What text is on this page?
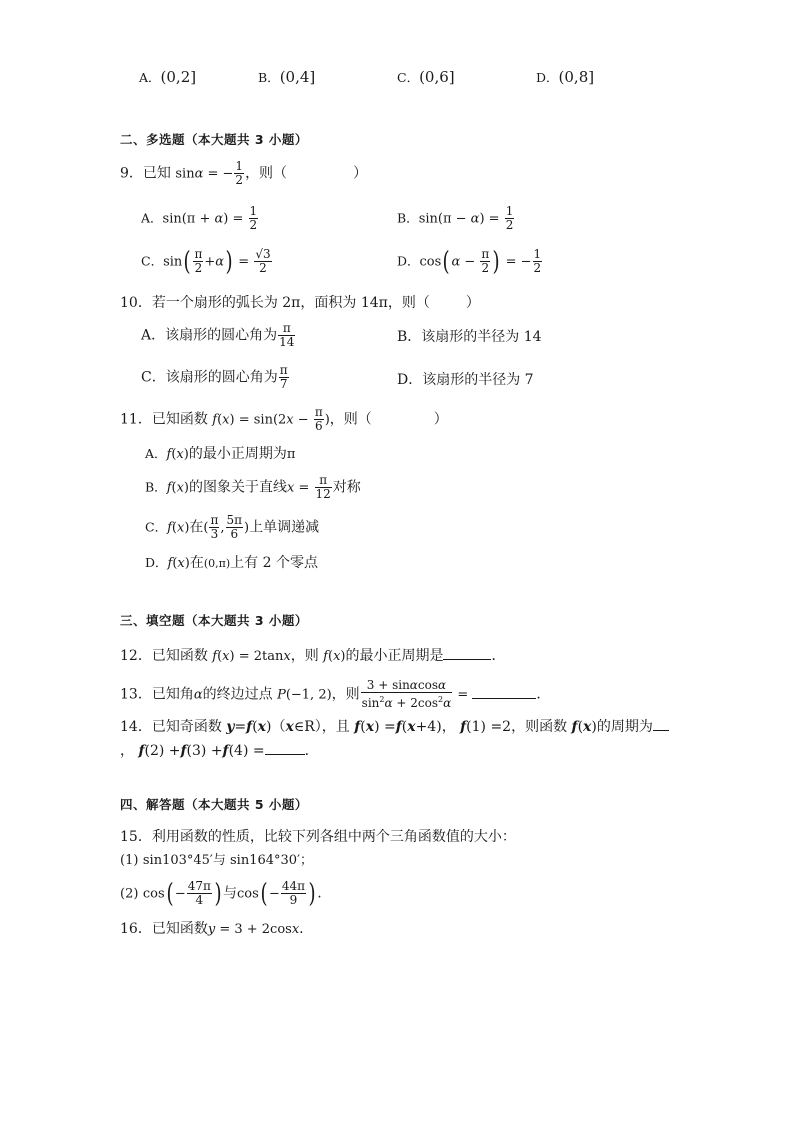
A．(0,2]	B．(0,4]	C．(0,6]	D．(0,8]
二、多选题（本大题共 3 小题）
9．已知 sinα = − $\frac{1}{2}$ ，则（	）
A．$\sin(\pi + \alpha) = \frac{1}{2}$	B．$\sin(\pi - \alpha) = \frac{1}{2}$
C．$\sin( \frac{\pi}{2} +\alpha) = \frac{√3}{2}$	D．cos( $\alpha - \frac{\pi}{2}$ ) = − $\frac{1}{2}$
10．若一个扇形的弧长为 2π，面积为 14π，则（	）
A．该扇形的圆心角为 $\frac{\pi}{14}$	B．该扇形的半径为 14
C．该扇形的圆心角为 $\frac{\pi}{7}$	D．该扇形的半径为 7
11．已知函数 $f(x) = \sin(2x - \frac{\pi}{6}$ )，则（	）
A．f(x)的最小正周期为π
B．f(x)的图象关于直线$x = \frac{\pi}{12}$ 对称
C．f(x)在( $\frac{\pi}{3}$ , $\frac{5\pi}{6}$ )上单调递减
D．f(x)在(0,π)上有 2 个零点
三、填空题（本大题共 3 小题）
12．已知函数 f(x) = 2tanx，则 f(x)的最小正周期是	．
13．已知角α的终边过点 P(−1, 2)，则 $\frac{3 + \sin\alpha\cos\alpha}{\sin^2\alpha + 2\cos^2\alpha}$ =	．
14．已知奇函数 y=f(x)（x∈R），且 f(x) =f(x+4)， f(1) =2，则函数 f(x)的周期为
， f(2) +f(3) +f(4) =	.
四、解答题（本大题共 5 小题）
15．利用函数的性质，比较下列各组中两个三角函数值的大小：
(1) sin103°45′与 sin164°30′；
(2) $\cos( - \frac{47\pi}{4}$ ) 与$\cos( - \frac{44\pi}{9}$ ) .
16．已知函数y = 3 + 2cosx.
